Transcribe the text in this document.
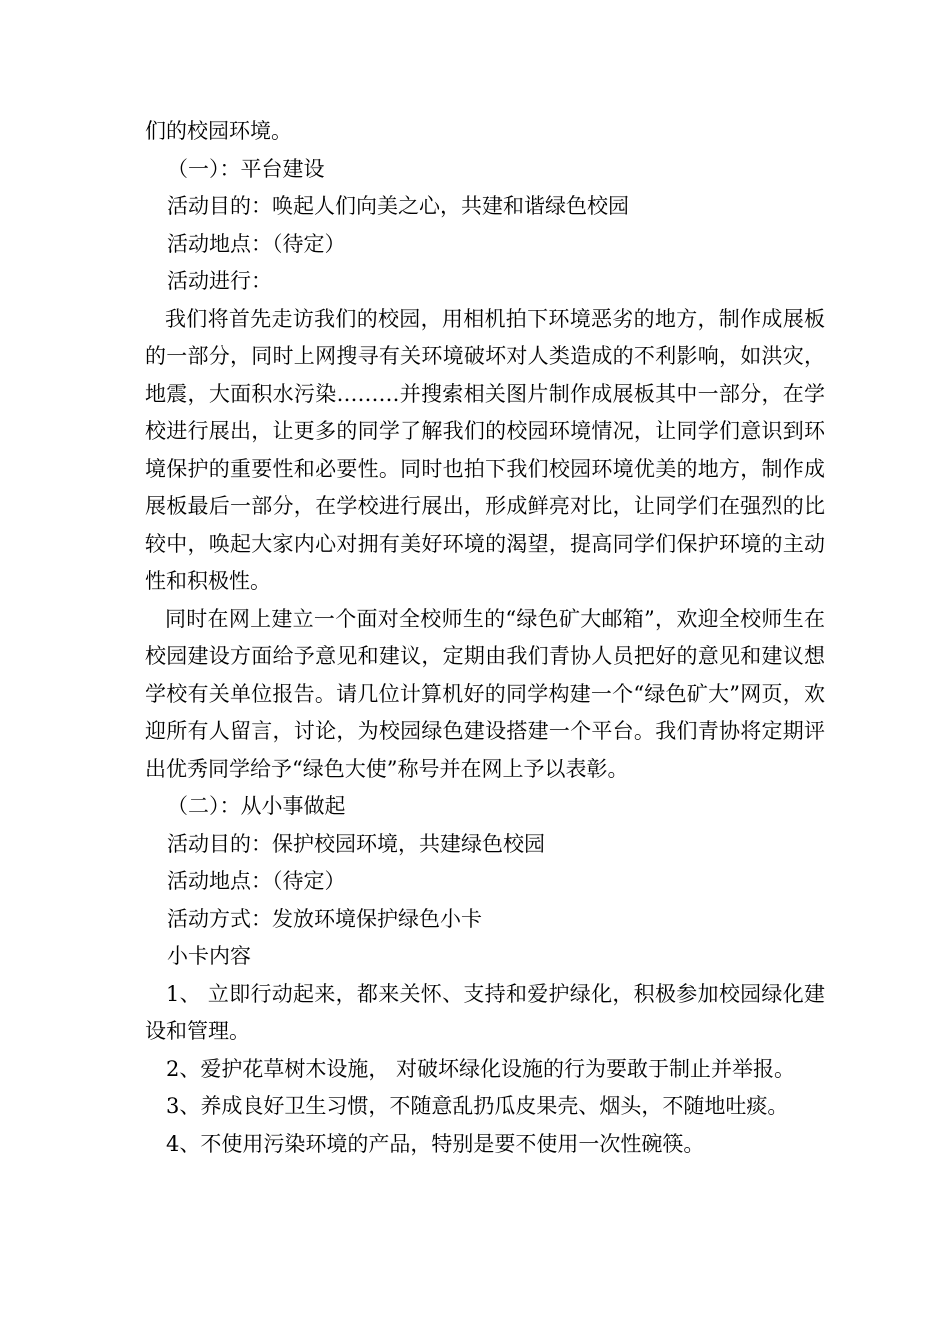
们的校园环境。

（一）：平台建设

活动目的：唤起人们向美之心，共建和谐绿色校园

活动地点：（待定）

活动进行：

我们将首先走访我们的校园，用相机拍下环境恶劣的地方，制作成展板的一部分，同时上网搜寻有关环境破坏对人类造成的不利影响，如洪灾，地震，大面积水污染………并搜索相关图片制作成展板其中一部分，在学校进行展出，让更多的同学了解我们的校园环境情况，让同学们意识到环境保护的重要性和必要性。同时也拍下我们校园环境优美的地方，制作成展板最后一部分，在学校进行展出，形成鲜亮对比，让同学们在强烈的比较中，唤起大家内心对拥有美好环境的渴望，提高同学们保护环境的主动性和积极性。

同时在网上建立一个面对全校师生的“绿色矿大邮箱”，欢迎全校师生在校园建设方面给予意见和建议，定期由我们青协人员把好的意见和建议想学校有关单位报告。请几位计算机好的同学构建一个“绿色矿大”网页，欢迎所有人留言，讨论，为校园绿色建设搭建一个平台。我们青协将定期评出优秀同学给予“绿色大使”称号并在网上予以表彰。

（二）：从小事做起

活动目的：保护校园环境，共建绿色校园

活动地点：（待定）

活动方式：发放环境保护绿色小卡

小卡内容

1、 立即行动起来，都来关怀、支持和爱护绿化，积极参加校园绿化建设和管理。

2、爱护花草树木设施， 对破坏绿化设施的行为要敢于制止并举报。

3、养成良好卫生习惯，不随意乱扔瓜皮果壳、烟头，不随地吐痰。

4、不使用污染环境的产品，特别是要不使用一次性碗筷。
